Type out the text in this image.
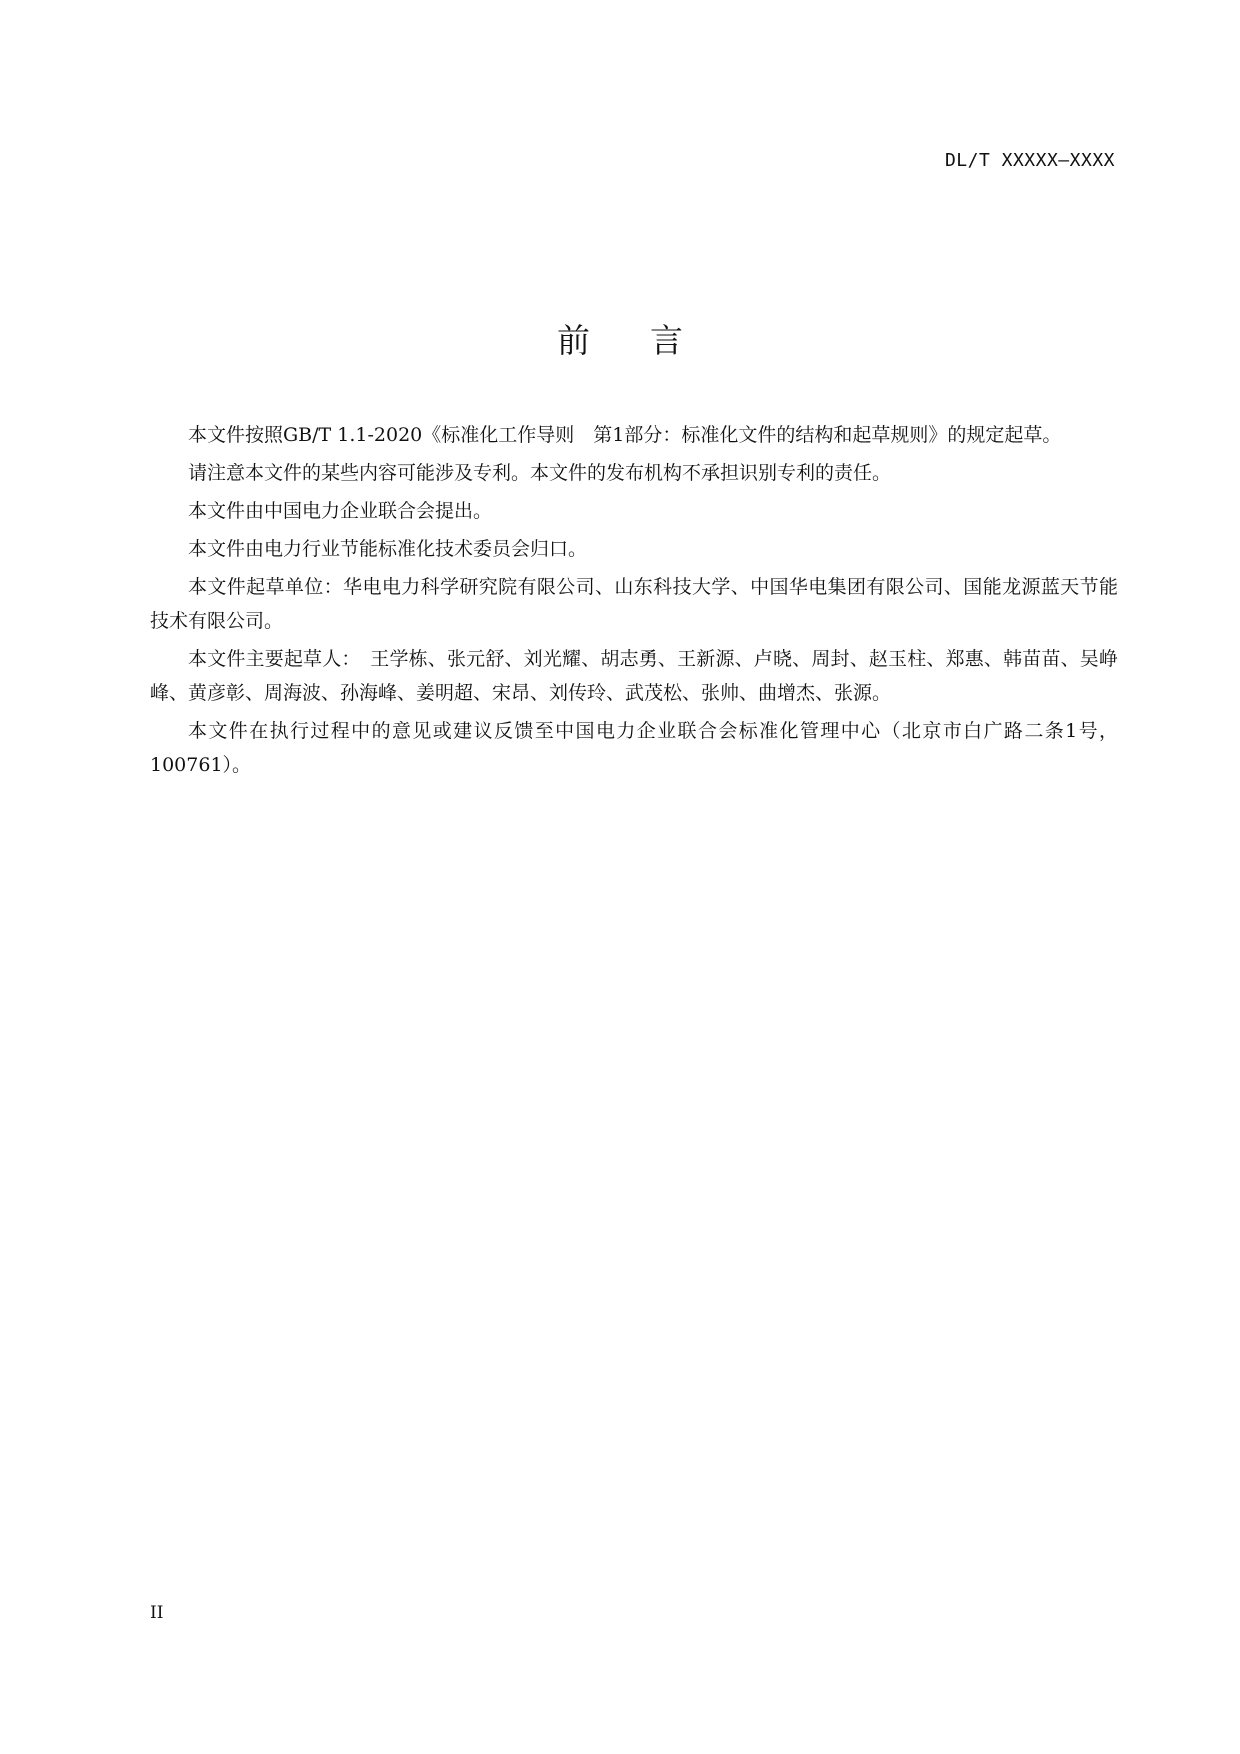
DL/T XXXXX—XXXX
前 言

本文件按照GB/T 1.1-2020《标准化工作导则　第1部分：标准化文件的结构和起草规则》的规定起草。

请注意本文件的某些内容可能涉及专利。本文件的发布机构不承担识别专利的责任。

本文件由中国电力企业联合会提出。

本文件由电力行业节能标准化技术委员会归口。

本文件起草单位：华电电力科学研究院有限公司、山东科技大学、中国华电集团有限公司、国能龙源蓝天节能技术有限公司。

本文件主要起草人：　王学栋、张元舒、刘光耀、胡志勇、王新源、卢晓、周封、赵玉柱、郑惠、韩苗苗、吴峥峰、黄彦彰、周海波、孙海峰、姜明超、宋昂、刘传玲、武茂松、张帅、曲增杰、张源。

本文件在执行过程中的意见或建议反馈至中国电力企业联合会标准化管理中心（北京市白广路二条1号，100761）。

II
